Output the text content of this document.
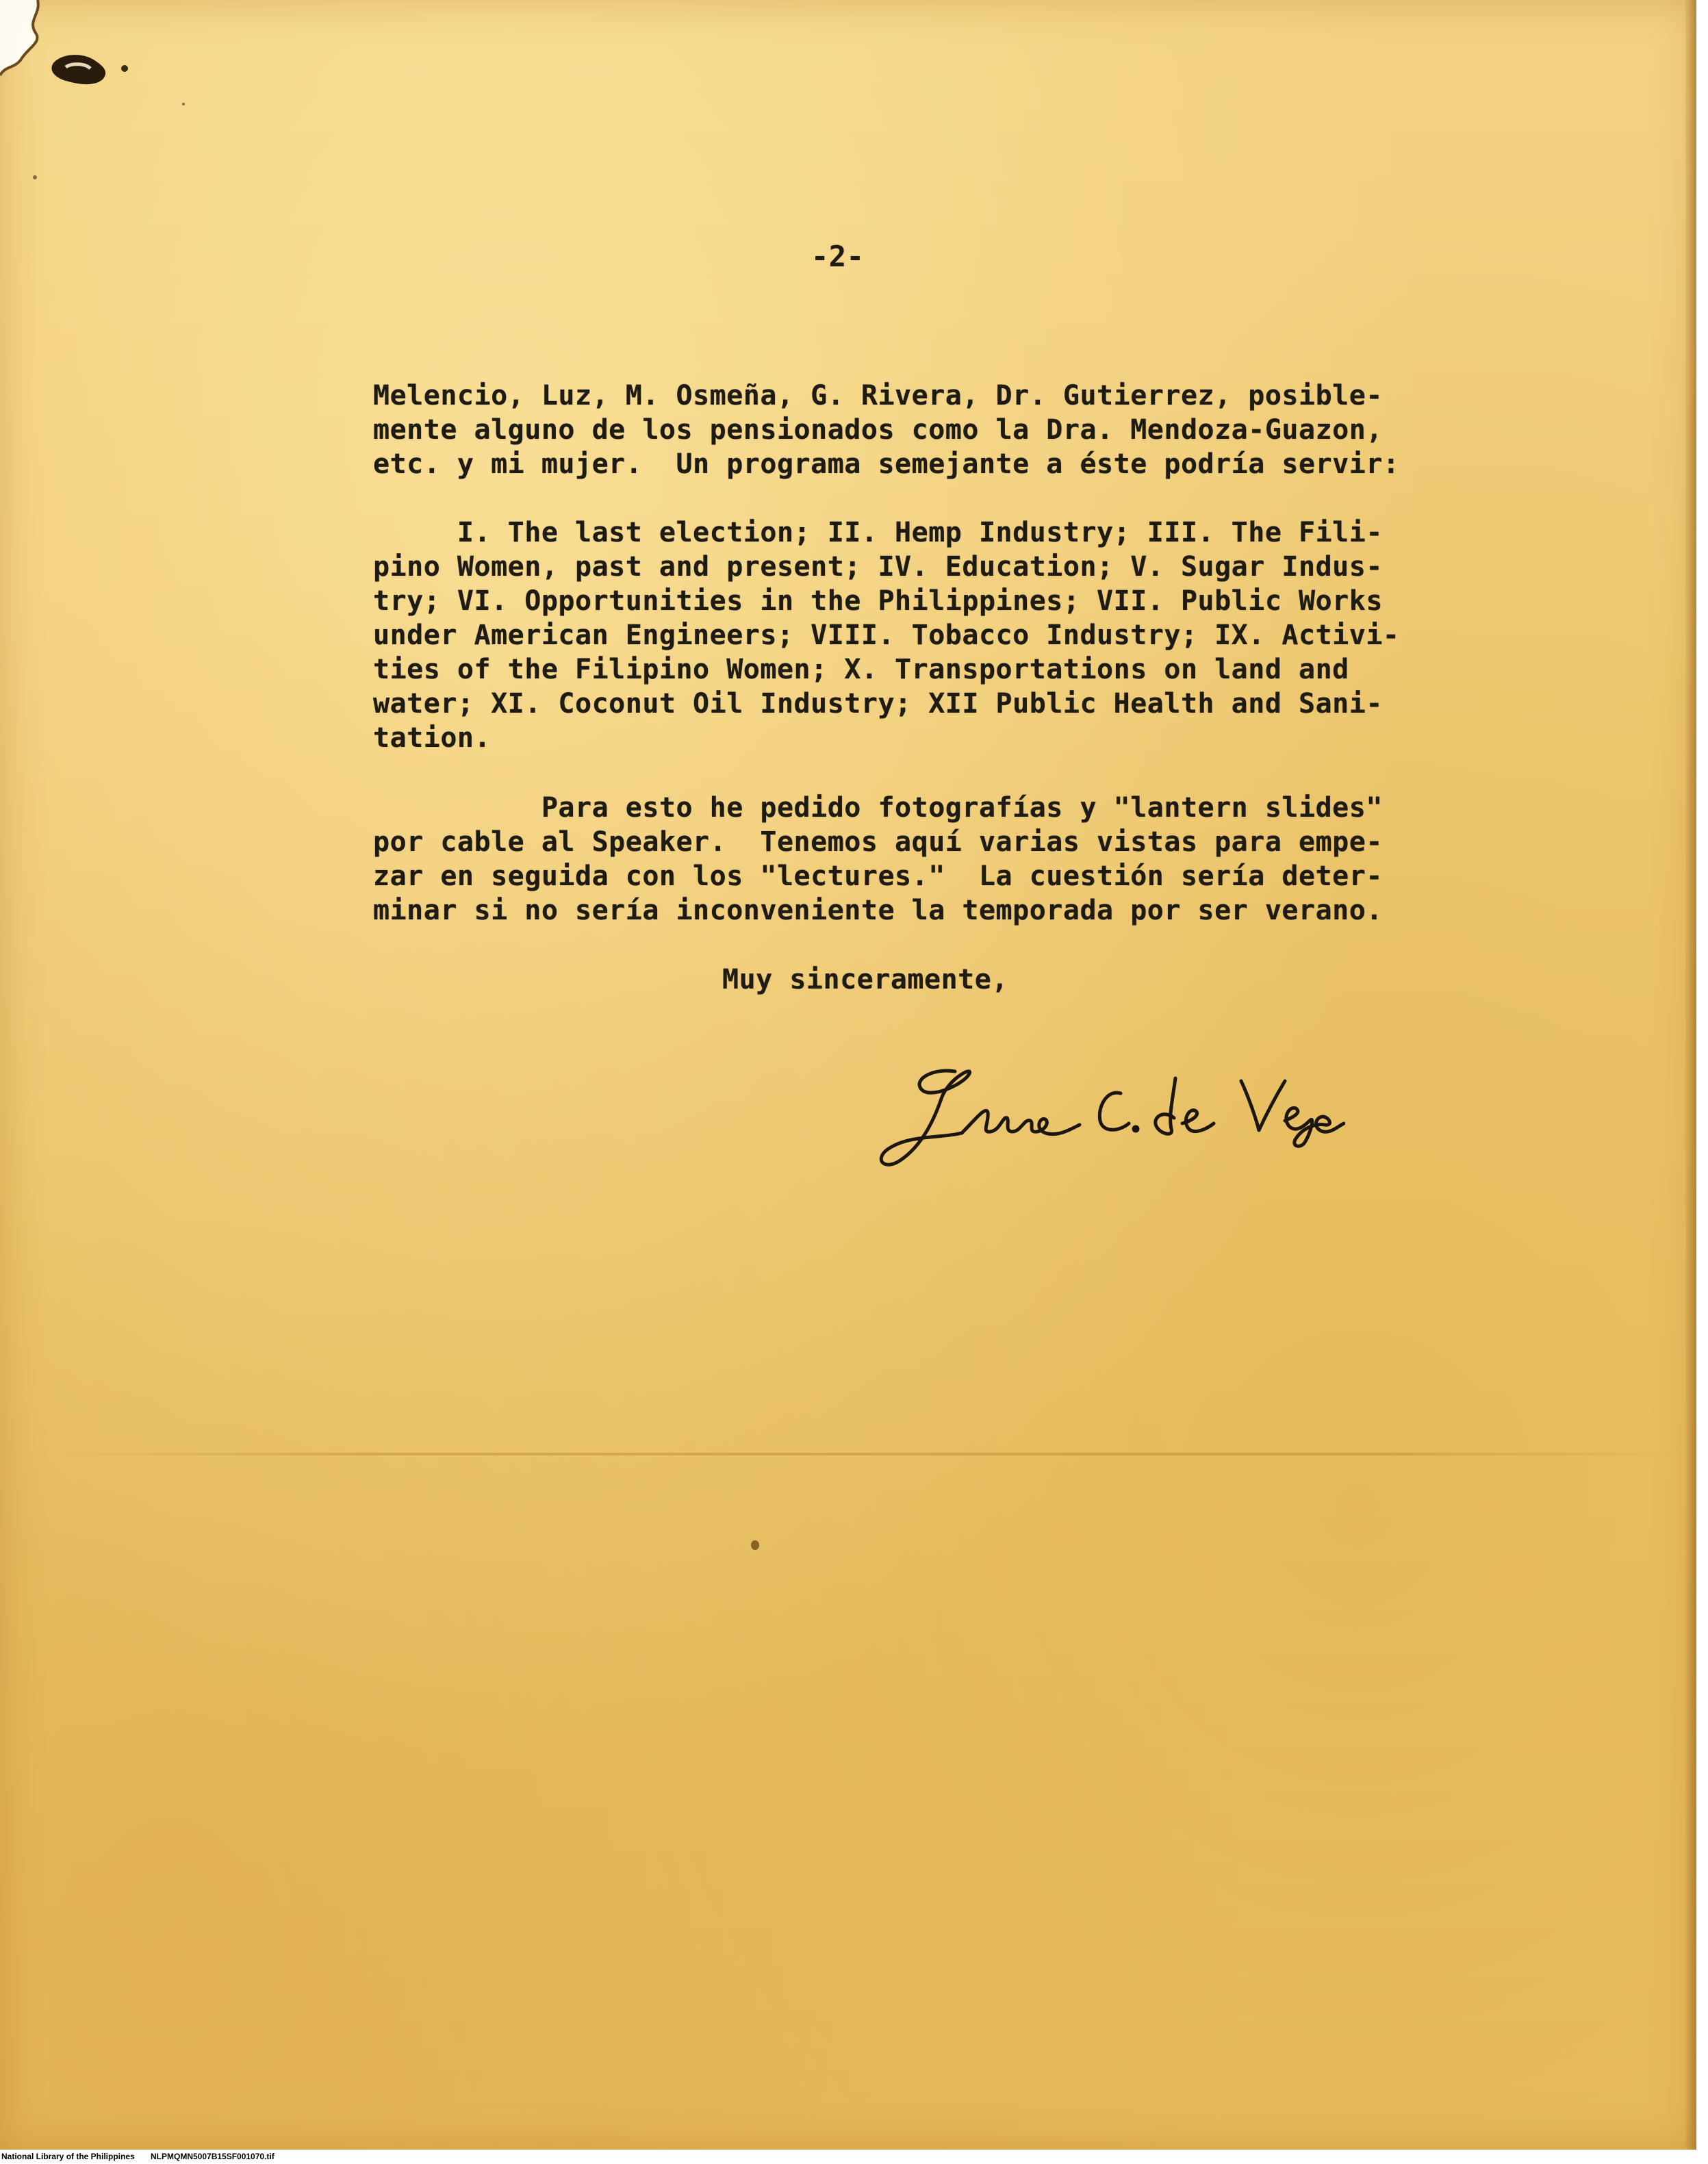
-2-
Melencio, Luz, M. Osmeña, G. Rivera, Dr. Gutierrez, posible-
mente alguno de los pensionados como la Dra. Mendoza-Guazon,
etc. y mi mujer.  Un programa semejante a éste podría servir:
I. The last election; II. Hemp Industry; III. The Fili-
pino Women, past and present; IV. Education; V. Sugar Indus-
try; VI. Opportunities in the Philippines; VII. Public Works
under American Engineers; VIII. Tobacco Industry; IX. Activi-
ties of the Filipino Women; X. Transportations on land and
water; XI. Coconut Oil Industry; XII Public Health and Sani-
tation.
Para esto he pedido fotografías y "lantern slides"
por cable al Speaker.  Tenemos aquí varias vistas para empe-
zar en seguida con los "lectures."  La cuestión sería deter-
minar si no sería inconveniente la temporada por ser verano.
Muy sinceramente,
National Library of the Philippines NLPMQMN5007B15SF001070.tif
